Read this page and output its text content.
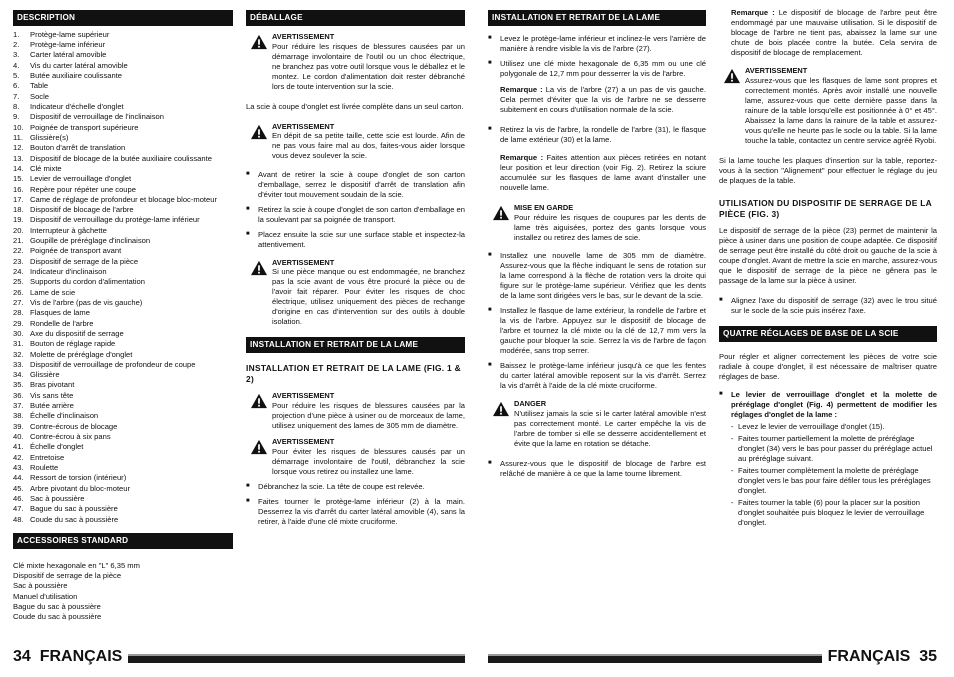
DESCRIPTION
1.	Protège-lame supérieur
2.	Protège-lame inférieur
3.	Carter latéral amovible
4.	Vis du carter latéral amovible
5.	Butée auxiliaire coulissante
6.	Table
7.	Socle
8.	Indicateur d'échelle d'onglet
9.	Dispositif de verrouillage de l'inclinaison
10. Poignée de transport supérieure
11. Glissière(s)
12. Bouton d'arrêt de translation
13. Dispositif de blocage de la butée auxiliaire coulissante
14. Clé mixte
15. Levier de verrouillage d'onglet
16. Repère pour répéter une coupe
17. Came de réglage de profondeur et blocage bloc-moteur
18. Dispositif de blocage de l'arbre
19. Dispositif de verrouillage du protège-lame inférieur
20. Interrupteur à gâchette
21. Goupille de préréglage d'inclinaison
22. Poignée de transport avant
23. Dispositif de serrage de la pièce
24. Indicateur d'inclinaison
25. Supports du cordon d'alimentation
26. Lame de scie
27. Vis de l'arbre (pas de vis gauche)
28. Flasques de lame
29. Rondelle de l'arbre
30. Axe du dispositif de serrage
31. Bouton de réglage rapide
32. Molette de préréglage d'onglet
33. Dispositif de verrouillage de profondeur de coupe
34. Glissière
35. Bras pivotant
36. Vis sans tête
37. Butée arrière
38. Échelle d'inclinaison
39. Contre-écrous de blocage
40. Contre-écrou à six pans
41. Échelle d'onglet
42. Entretoise
43. Roulette
44. Ressort de torsion (intérieur)
45. Arbre pivotant du bloc-moteur
46. Sac à poussière
47. Bague du sac à poussière
48. Coude du sac à poussière
ACCESSOIRES STANDARD
Clé mixte hexagonale en "L" 6,35 mm
Dispositif de serrage de la pièce
Sac à poussière
Manuel d'utilisation
Bague du sac à poussière
Coude du sac à poussière
DÉBALLAGE
AVERTISSEMENT
Pour réduire les risques de blessures causées par un démarrage involontaire de l'outil ou un choc électrique, ne branchez pas votre outil lorsque vous le déballez et le montez. Le cordon d'alimentation doit rester débranché lors de toute intervention sur la scie.
La scie à coupe d'onglet est livrée complète dans un seul carton.
AVERTISSEMENT
En dépit de sa petite taille, cette scie est lourde. Afin de ne pas vous faire mal au dos, faites-vous aider lorsque vous devez soulever la scie.
■	Avant de retirer la scie à coupe d'onglet de son carton d'emballage, serrez le dispositif d'arrêt de translation afin d'éviter tout mouvement soudain de la scie.
■	Retirez la scie à coupe d'onglet de son carton d'emballage en la soulevant par sa poignée de transport.
■	Placez ensuite la scie sur une surface stable et inspectez-la attentivement.
AVERTISSEMENT
Si une pièce manque ou est endommagée, ne branchez pas la scie avant de vous être procuré la pièce ou de l'avoir fait réparer. Pour éviter les risques de choc électrique, utilisez uniquement des pièces de rechange d'origine en cas d'intervention sur des outils à double isolation.
INSTALLATION ET RETRAIT DE LA LAME
INSTALLATION ET RETRAIT DE LA LAME (FIG. 1 & 2)
AVERTISSEMENT
Pour réduire les risques de blessures causées par la projection d'une pièce à usiner ou de morceaux de lame, utilisez uniquement des lames de 305 mm de diamètre.
AVERTISSEMENT
Pour éviter les risques de blessures causés par un démarrage involontaire de l'outil, débranchez la scie lorsque vous retirez ou installez une lame.
■	Débranchez la scie. La tête de coupe est relevée.
■	Faites tourner le protège-lame inférieur (2) à la main. Desserrez la vis d'arrêt du carter latéral amovible (4), sans la retirer, à l'aide d'une clé mixte cruciforme.
INSTALLATION ET RETRAIT DE LA LAME
■	Levez le protège-lame inférieur et inclinez-le vers l'arrière de manière à rendre visible la vis de l'arbre (27).
■	Utilisez une clé mixte hexagonale de 6,35 mm ou une clé polygonale de 12,7 mm pour desserrer la vis de l'arbre.
Remarque : La vis de l'arbre (27) a un pas de vis gauche. Cela permet d'éviter que la vis de l'arbre ne se desserre subitement en cours d'utilisation normale de la scie.
■	Retirez la vis de l'arbre, la rondelle de l'arbre (31), le flasque de lame extérieur (30) et la lame.
Remarque : Faites attention aux pièces retirées en notant leur position et leur direction (voir Fig. 2). Retirez la sciure accumulée sur les flasques de lame avant d'installer une nouvelle lame.
MISE EN GARDE
Pour réduire les risques de coupures par les dents de lame très aiguisées, portez des gants lorsque vous installez ou retirez des lames de scie.
■	Installez une nouvelle lame de 305 mm de diamètre. Assurez-vous que la flèche indiquant le sens de rotation sur la lame correspond à la flèche de rotation vers la droite qui figure sur le protège-lame supérieur. Vérifiez que les dents de la lame sont dirigées vers le bas, sur le devant de la scie.
■	Installez le flasque de lame extérieur, la rondelle de l'arbre et la vis de l'arbre. Appuyez sur le dispositif de blocage de l'arbre et tournez la clé mixte ou la clé de 12,7 mm vers la gauche pour bloquer la scie. Serrez la vis de l'arbre de façon modérée, sans trop serrer.
■	Baissez le protège-lame inférieur jusqu'à ce que les fentes du carter latéral amovible reposent sur la vis d'arrêt. Serrez la vis d'arrêt à l'aide de la clé mixte cruciforme.
DANGER
N'utilisez jamais la scie si le carter latéral amovible n'est pas correctement monté. Le carter empêche la vis de l'arbre de tomber si elle se desserre accidentellement et évite que la lame en rotation se détache.
■	Assurez-vous que le dispositif de blocage de l'arbre est relâché de manière à ce que la lame tourne librement.
Remarque : Le dispositif de blocage de l'arbre peut être endommagé par une mauvaise utilisation. Si le dispositif de blocage de l'arbre ne tient pas, abaissez la lame sur une chute de bois placée contre la butée. Cela servira de dispositif de blocage de remplacement.
AVERTISSEMENT
Assurez-vous que les flasques de lame sont propres et correctement montés. Après avoir installé une nouvelle lame, assurez-vous que cette dernière passe dans la rainure de la table lorsqu'elle est positionnée à 0° et 45°. Abaissez la lame dans la rainure de la table et assurez-vous qu'elle ne heurte pas le socle ou la table. Si la lame touche la table, contactez un centre service agréé Ryobi.
Si la lame touche les plaques d'insertion sur la table, reportez-vous à la section "Alignement" pour effectuer le réglage du jeu de plaques de la table.
UTILISATION DU DISPOSITIF DE SERRAGE DE LA PIÈCE (FIG. 3)
Le dispositif de serrage de la pièce (23) permet de maintenir la pièce à usiner dans une position de coupe adaptée. Ce dispositif de serrage peut être installé du côté droit ou gauche de la scie à coupe d'onglet. Avant de mettre la scie en marche, assurez-vous que le dispositif de serrage de la pièce ne gênera pas le passage de la lame sur la pièce à usiner.
■	Alignez l'axe du dispositif de serrage (32) avec le trou situé sur le socle de la scie puis insérez l'axe.
QUATRE RÉGLAGES DE BASE DE LA SCIE
Pour régler et aligner correctement les pièces de votre scie radiale à coupe d'onglet, il est nécessaire de maîtriser quatre réglages de base.
■	Le levier de verrouillage d'onglet et la molette de préréglage d'onglet (Fig. 4) permettent de modifier les réglages d'onglet de la lame :
- Levez le levier de verrouillage d'onglet (15).
- Faites tourner partiellement la molette de préréglage d'onglet (34) vers le bas pour passer du préréglage actuel au préréglage suivant.
- Faites tourner complètement la molette de préréglage d'onglet vers le bas pour faire défiler tous les préréglages d'onglet.
- Faites tourner la table (6) pour la placer sur la position d'onglet souhaitée puis bloquez le levier de verrouillage d'onglet.
34 FRANÇAIS	FRANÇAIS 35
